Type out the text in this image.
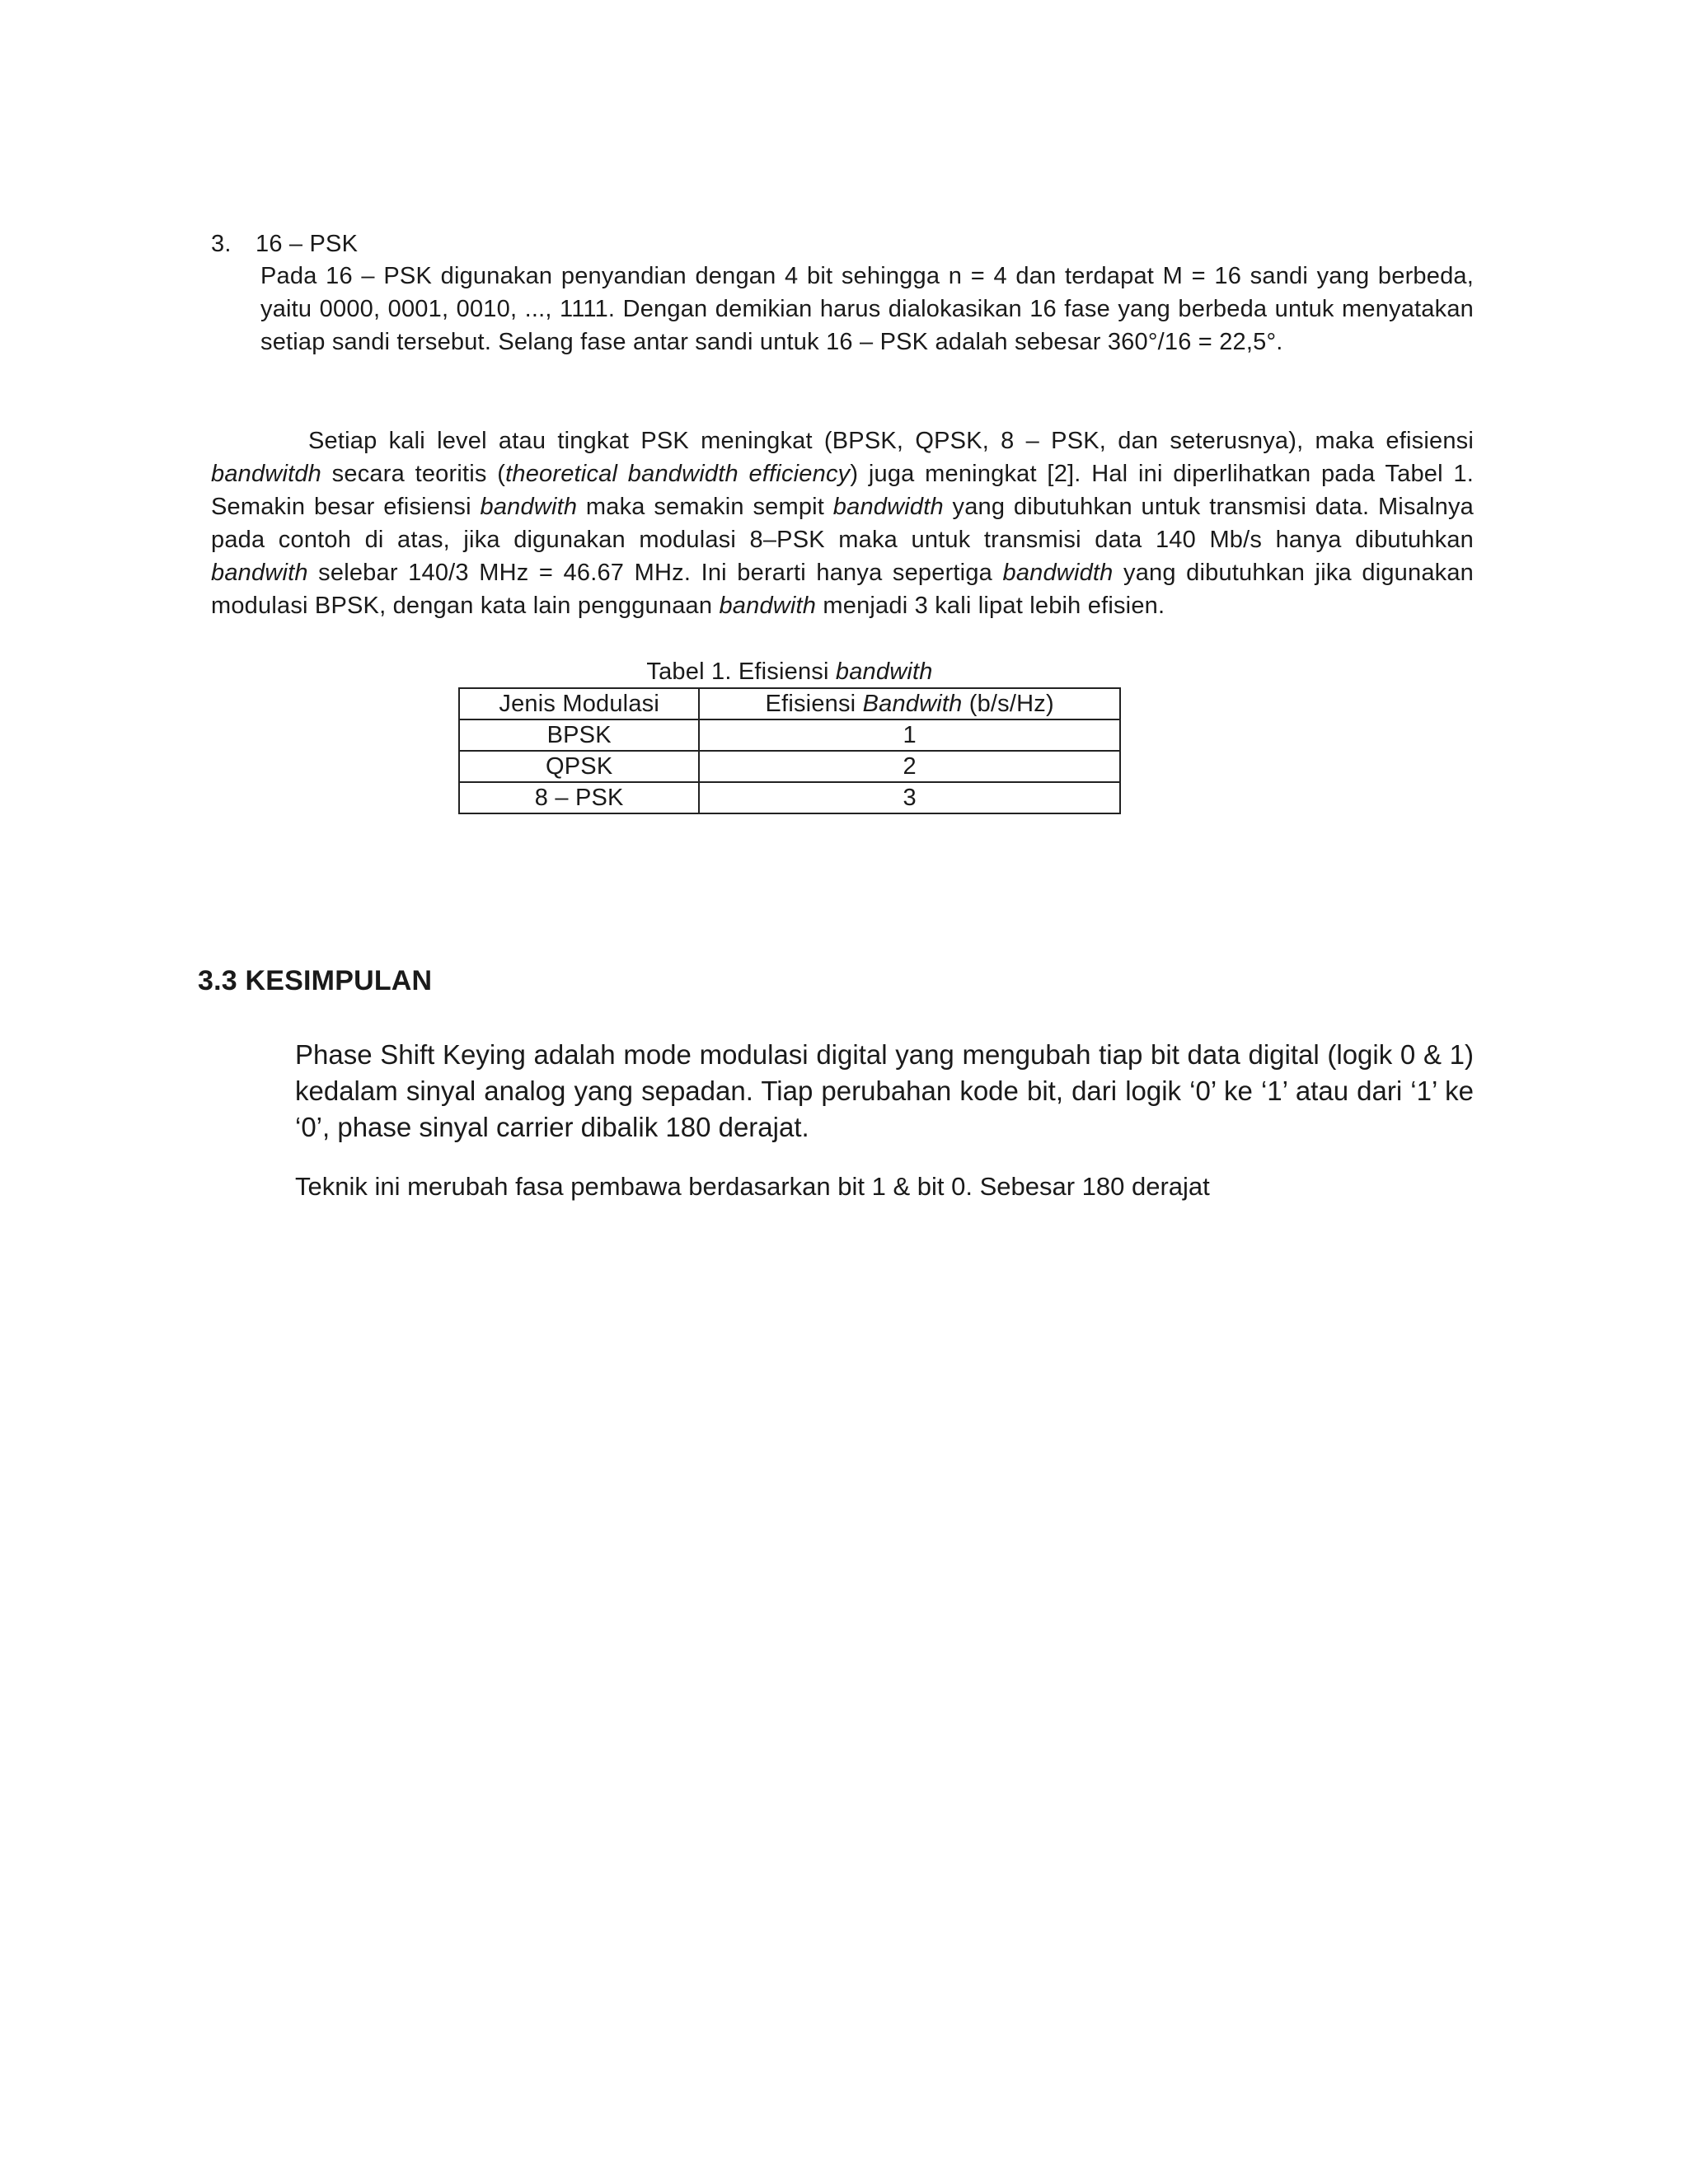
3. 16 – PSK
Pada 16 – PSK digunakan penyandian dengan 4 bit sehingga n = 4 dan terdapat M = 16 sandi yang berbeda, yaitu 0000, 0001, 0010, ..., 1111. Dengan demikian harus dialokasikan 16 fase yang berbeda untuk menyatakan setiap sandi tersebut. Selang fase antar sandi untuk 16 – PSK adalah sebesar 360°/16 = 22,5°.
Setiap kali level atau tingkat PSK meningkat (BPSK, QPSK, 8 – PSK, dan seterusnya), maka efisiensi bandwitdh secara teoritis (theoretical bandwidth efficiency) juga meningkat [2]. Hal ini diperlihatkan pada Tabel 1. Semakin besar efisiensi bandwith maka semakin sempit bandwidth yang dibutuhkan untuk transmisi data. Misalnya pada contoh di atas, jika digunakan modulasi 8–PSK maka untuk transmisi data 140 Mb/s hanya dibutuhkan bandwith selebar 140/3 MHz = 46.67 MHz. Ini berarti hanya sepertiga bandwidth yang dibutuhkan jika digunakan modulasi BPSK, dengan kata lain penggunaan bandwith menjadi 3 kali lipat lebih efisien.
Tabel 1. Efisiensi bandwith
Jenis Modulasi	Efisiensi Bandwith (b/s/Hz)
BPSK	1
QPSK	2
8 – PSK	3
3.3 KESIMPULAN
Phase Shift Keying adalah mode modulasi digital yang mengubah tiap bit data digital (logik 0 & 1) kedalam sinyal analog yang sepadan. Tiap perubahan kode bit, dari logik ‘0’ ke ‘1’ atau dari ‘1’ ke ‘0’, phase sinyal carrier dibalik 180 derajat.
Teknik ini merubah fasa pembawa berdasarkan bit 1 & bit 0. Sebesar 180 derajat
